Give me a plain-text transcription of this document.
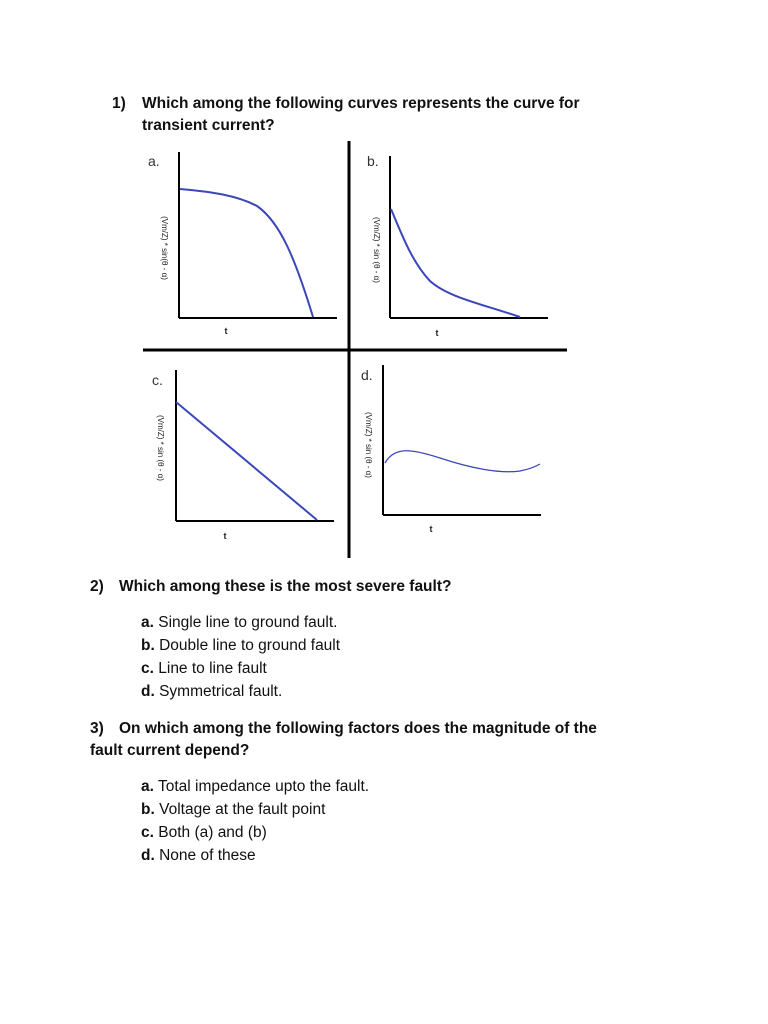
1) Which among the following curves represents the curve for
transient current?
a.	b.
c.	d.
(Vm/Z) * sin(θ - α)
t
(Vm/Z) * sin (θ - α)
t
(Vm/Z) * sin (θ - α)
t
(Vm/Z) * sin (θ - α)
t
2) Which among these is the most severe fault?
a. Single line to ground fault.
b. Double line to ground fault
c. Line to line fault
d. Symmetrical fault.
3) On which among the following factors does the magnitude of the
fault current depend?
a. Total impedance upto the fault.
b. Voltage at the fault point
c. Both (a) and (b)
d. None of these
